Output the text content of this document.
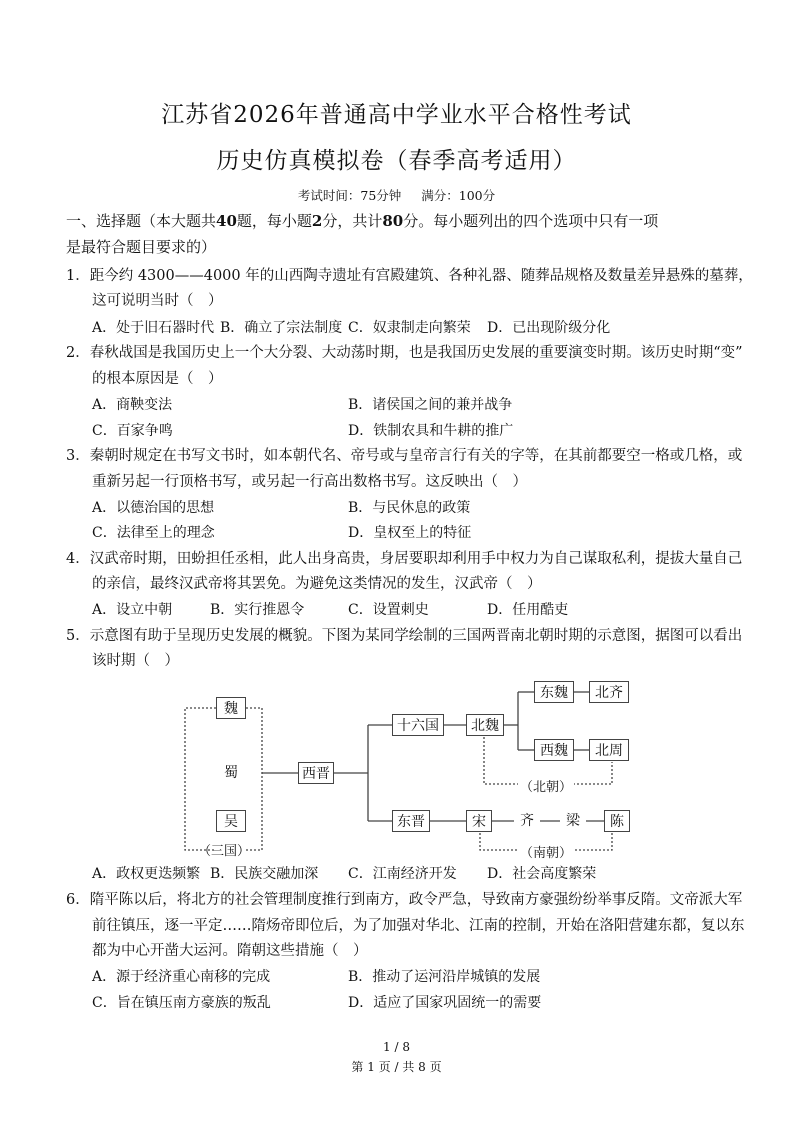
江苏省2026年普通高中学业水平合格性考试
历史仿真模拟卷（春季高考适用）
考试时间：75分钟 满分：100分
一、选择题（本大题共40题，每小题2分，共计80分。每小题列出的四个选项中只有一项
是最符合题目要求的）
1．距今约 4300——4000 年的山西陶寺遗址有宫殿建筑、各种礼器、随葬品规格及数量差异悬殊的墓葬，
这可说明当时（　）
A．处于旧石器时代 B．确立了宗法制度 C．奴隶制走向繁荣 D．已出现阶级分化
2．春秋战国是我国历史上一个大分裂、大动荡时期，也是我国历史发展的重要演变时期。该历史时期“变”
的根本原因是（　）
A．商鞅变法	B．诸侯国之间的兼并战争
C．百家争鸣	D．铁制农具和牛耕的推广
3．秦朝时规定在书写文书时，如本朝代名、帝号或与皇帝言行有关的字等，在其前都要空一格或几格，或
重新另起一行顶格书写，或另起一行高出数格书写。这反映出（　）
A．以德治国的思想	B．与民休息的政策
C．法律至上的理念	D．皇权至上的特征
4．汉武帝时期，田蚡担任丞相，此人出身高贵，身居要职却利用手中权力为自己谋取私利，提拔大量自己
的亲信，最终汉武帝将其罢免。为避免这类情况的发生，汉武帝（　）
A．设立中朝	B．实行推恩令	C．设置刺史	D．任用酷吏
5．示意图有助于呈现历史发展的概貌。下图为某同学绘制的三国两晋南北朝时期的示意图，据图可以看出
该时期（　）
魏
蜀
吴
（三国）
西晋
十六国	北魏
东魏	北齐
西魏	北周
（北朝）
东晋	宋	齐	梁	陈
（南朝）
A．政权更迭频繁 B．民族交融加深 C．江南经济开发 D．社会高度繁荣
6．隋平陈以后，将北方的社会管理制度推行到南方，政令严急，导致南方豪强纷纷举事反隋。文帝派大军
前往镇压，逐一平定……隋炀帝即位后，为了加强对华北、江南的控制，开始在洛阳营建东都，复以东
都为中心开凿大运河。隋朝这些措施（　）
A．源于经济重心南移的完成	B．推动了运河沿岸城镇的发展
C．旨在镇压南方豪族的叛乱	D．适应了国家巩固统一的需要
1 / 8
第 1 页 / 共 8 页
